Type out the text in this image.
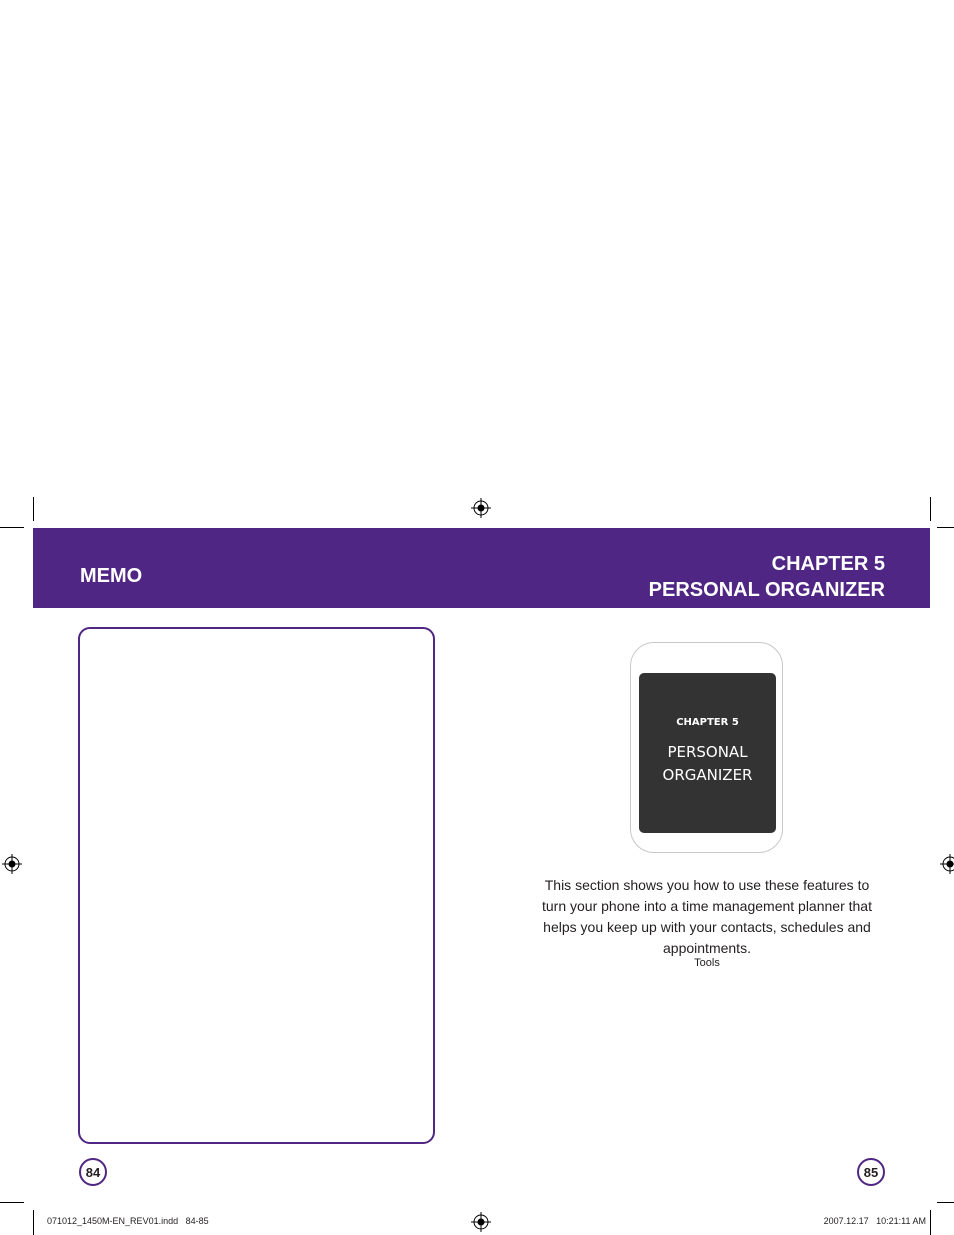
MEMO
CHAPTER 5
PERSONAL ORGANIZER
CHAPTER 5
PERSONAL
ORGANIZER
This section shows you how to use these features to turn your phone into a time management planner that helps you keep up with your contacts, schedules and appointments.
Tools
84	85
071012_1450M-EN_REV01.indd   84-85	2007.12.17   10:21:11 AM
